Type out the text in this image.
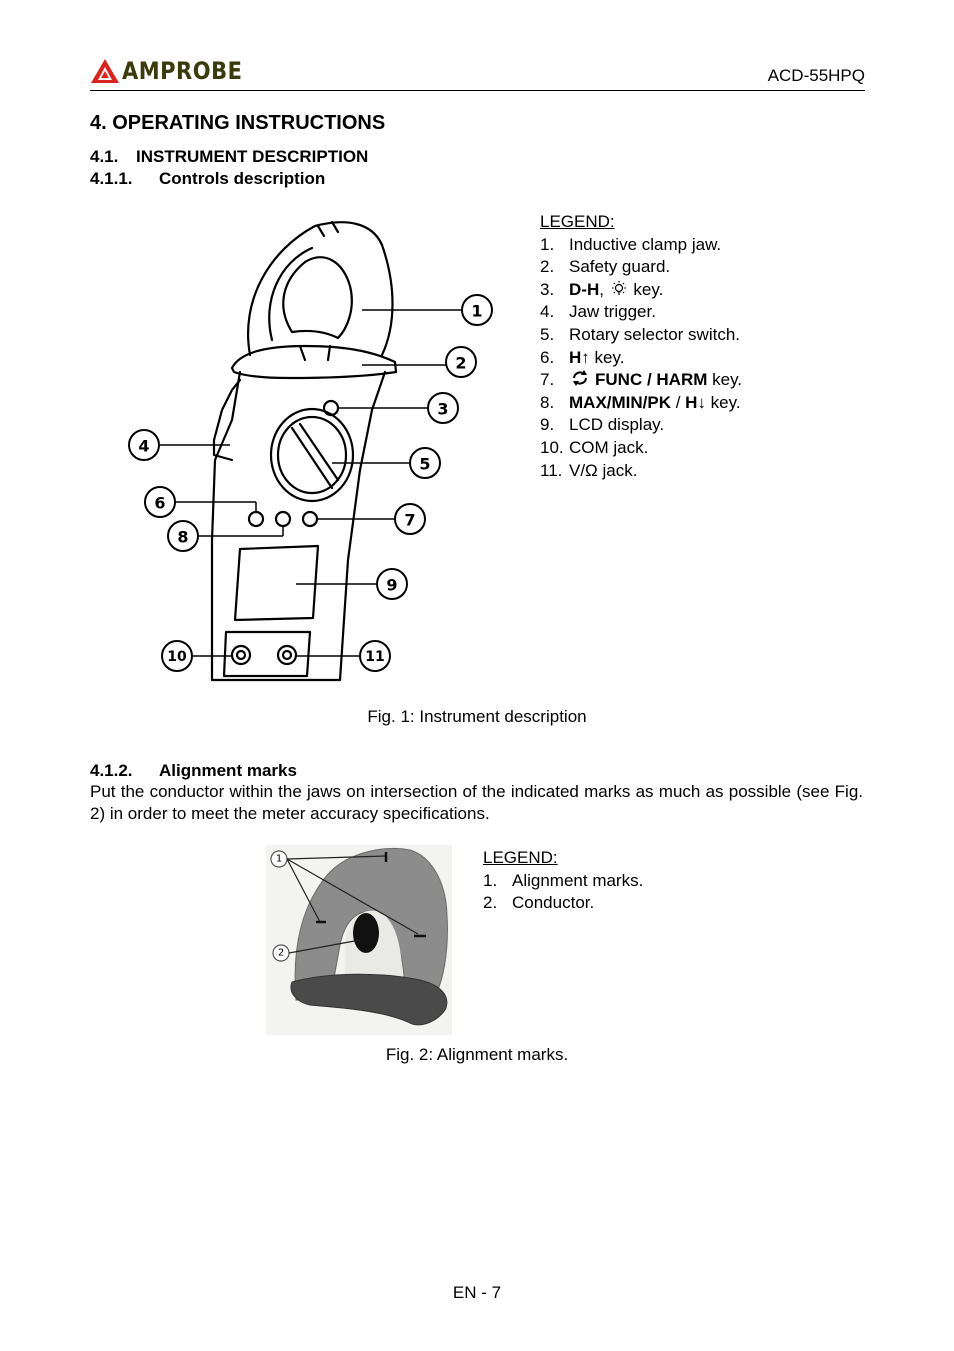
AMPROBE	ACD-55HPQ
4. OPERATING INSTRUCTIONS
4.1. INSTRUMENT DESCRIPTION
4.1.1. Controls description
1
2
3
4
5
6
7
8
9
10	11
LEGEND:
1. Inductive clamp jaw.
2. Safety guard.
3. D-H ,  key.
4. Jaw trigger.
5. Rotary selector switch.
6. H↑ key.
7.	FUNC / HARM key.
8. MAX/MIN/PK / H↓ key.
9. LCD display.
10. COM jack.
11. V/Ω jack.
Fig. 1: Instrument description
4.1.2. Alignment marks
Put the conductor within the jaws on intersection of the indicated marks as much as possible (see Fig. 2) in order to meet the meter accuracy specifications.
1
2
LEGEND:
1. Alignment marks.
2. Conductor.
Fig. 2: Alignment marks.
EN - 7
